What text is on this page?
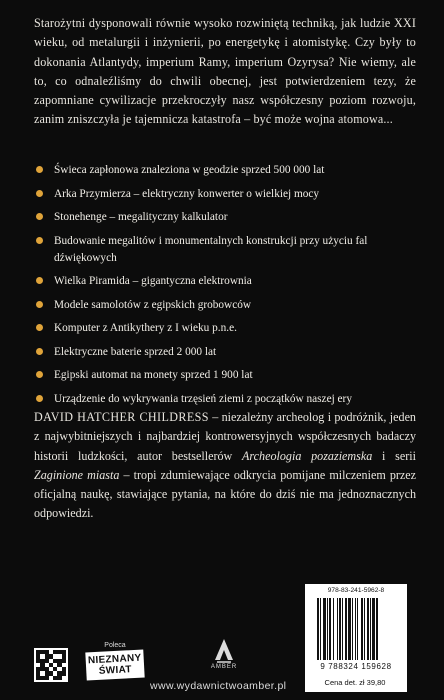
Starożytni dysponowali równie wysoko rozwiniętą techniką, jak ludzie XXI wieku, od metalurgii i inżynierii, po energetykę i atomistykę. Czy były to dokonania Atlantydy, imperium Ramy, imperium Ozyrysa? Nie wiemy, ale to, co odnaleźliśmy do chwili obecnej, jest potwierdzeniem tezy, że zapomniane cywilizacje przekroczyły nasz współczesny poziom rozwoju, zanim zniszczyła je tajemnicza katastrofa – być może wojna atomowa...

Świeca zapłonowa znaleziona w geodzie sprzed 500 000 lat
Arka Przymierza – elektryczny konwerter o wielkiej mocy
Stonehenge – megalityczny kalkulator
Budowanie megalitów i monumentalnych konstrukcji przy użyciu fal dźwiękowych
Wielka Piramida – gigantyczna elektrownia
Modele samolotów z egipskich grobowców
Komputer z Antikythery z I wieku p.n.e.
Elektryczne baterie sprzed 2 000 lat
Egipski automat na monety sprzed 1 900 lat
Urządzenie do wykrywania trzęsień ziemi z początków naszej ery

DAVID HATCHER CHILDRESS – niezależny archeolog i podróżnik, jeden z najwybitniejszych i najbardziej kontrowersyjnych współczesnych badaczy historii ludzkości, autor bestsellerów Archeologia pozaziemska i serii Zaginione miasta – tropi zdumiewające odkrycia pomijane milczeniem przez oficjalną naukę, stawiające pytania, na które do dziś nie ma jednoznacznych odpowiedzi.

Poleca
NIEZNANY ŚWIAT	AMBER
www.wydawnictwoamber.pl
978-83-241-5962-8
9 788324 159628
Cena det. zł 39,80
